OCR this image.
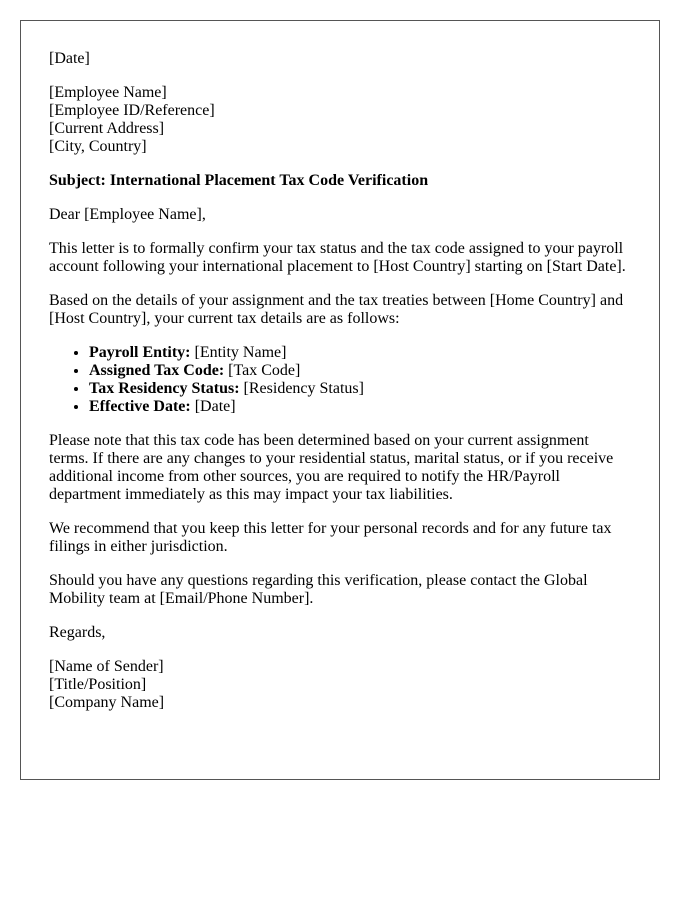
[Date]
[Employee Name]
[Employee ID/Reference]
[Current Address]
[City, Country]
Subject: International Placement Tax Code Verification
Dear [Employee Name],
This letter is to formally confirm your tax status and the tax code assigned to your payroll account following your international placement to [Host Country] starting on [Start Date].
Based on the details of your assignment and the tax treaties between [Home Country] and [Host Country], your current tax details are as follows:
• Payroll Entity: [Entity Name]
• Assigned Tax Code: [Tax Code]
• Tax Residency Status: [Residency Status]
• Effective Date: [Date]
Please note that this tax code has been determined based on your current assignment terms. If there are any changes to your residential status, marital status, or if you receive additional income from other sources, you are required to notify the HR/Payroll department immediately as this may impact your tax liabilities.
We recommend that you keep this letter for your personal records and for any future tax filings in either jurisdiction.
Should you have any questions regarding this verification, please contact the Global Mobility team at [Email/Phone Number].
Regards,
[Name of Sender]
[Title/Position]
[Company Name]
